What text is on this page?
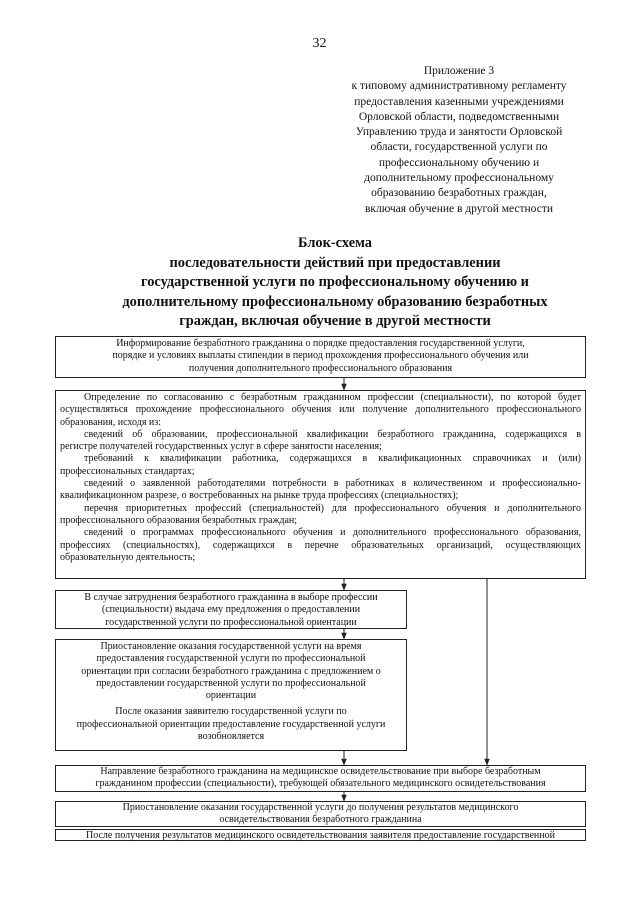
32
Приложение 3
к типовому административному регламенту
предоставления казенными учреждениями
Орловской области, подведомственными
Управлению труда и занятости Орловской
области, государственной услуги по
профессиональному обучению и
дополнительному профессиональному
образованию безработных граждан,
включая обучение в другой местности
Блок-схема
последовательности действий при предоставлении
государственной услуги по профессиональному обучению и
дополнительному профессиональному образованию безработных
граждан, включая обучение в другой местности
Информирование безработного гражданина о порядке предоставления государственной услуги,
порядке и условиях выплаты стипендии в период прохождения профессионального обучения или
получения дополнительного профессионального образования
Определение по согласованию с безработным гражданином профессии (специальности), по которой будет
осуществляться прохождение профессионального обучения или получение дополнительного профессионального
образования, исходя из:
сведений об образовании, профессиональной квалификации безработного гражданина, содержащихся в
регистре получателей государственных услуг в сфере занятости населения;
требований к квалификации работника, содержащихся в квалификационных справочниках и (или)
профессиональных стандартах;
сведений о заявленной работодателями потребности в работниках в количественном и профессионально-
квалификационном разрезе, о востребованных на рынке труда профессиях (специальностях);
перечня приоритетных профессий (специальностей) для профессионального обучения и дополнительного
профессионального образования безработных граждан;
сведений о программах профессионального обучения и дополнительного профессионального образования,
профессиях (специальностях), содержащихся в перечне образовательных организаций, осуществляющих
образовательную деятельность;
В случае затруднения безработного гражданина в выборе профессии
(специальности) выдача ему предложения о предоставлении
государственной услуги по профессиональной ориентации
Приостановление оказания государственной услуги на время
предоставления государственной услуги по профессиональной
ориентации при согласии безработного гражданина с предложением о
предоставлении государственной услуги по профессиональной
ориентации
После оказания заявителю государственной услуги по
профессиональной ориентации предоставление государственной услуги
возобновляется
Направление безработного гражданина на медицинское освидетельствование при выборе безработным
гражданином профессии (специальности), требующей обязательного медицинского освидетельствования
Приостановление оказания государственной услуги до получения результатов медицинского
освидетельствования безработного гражданина
После получения результатов медицинского освидетельствования заявителя предоставление государственной
